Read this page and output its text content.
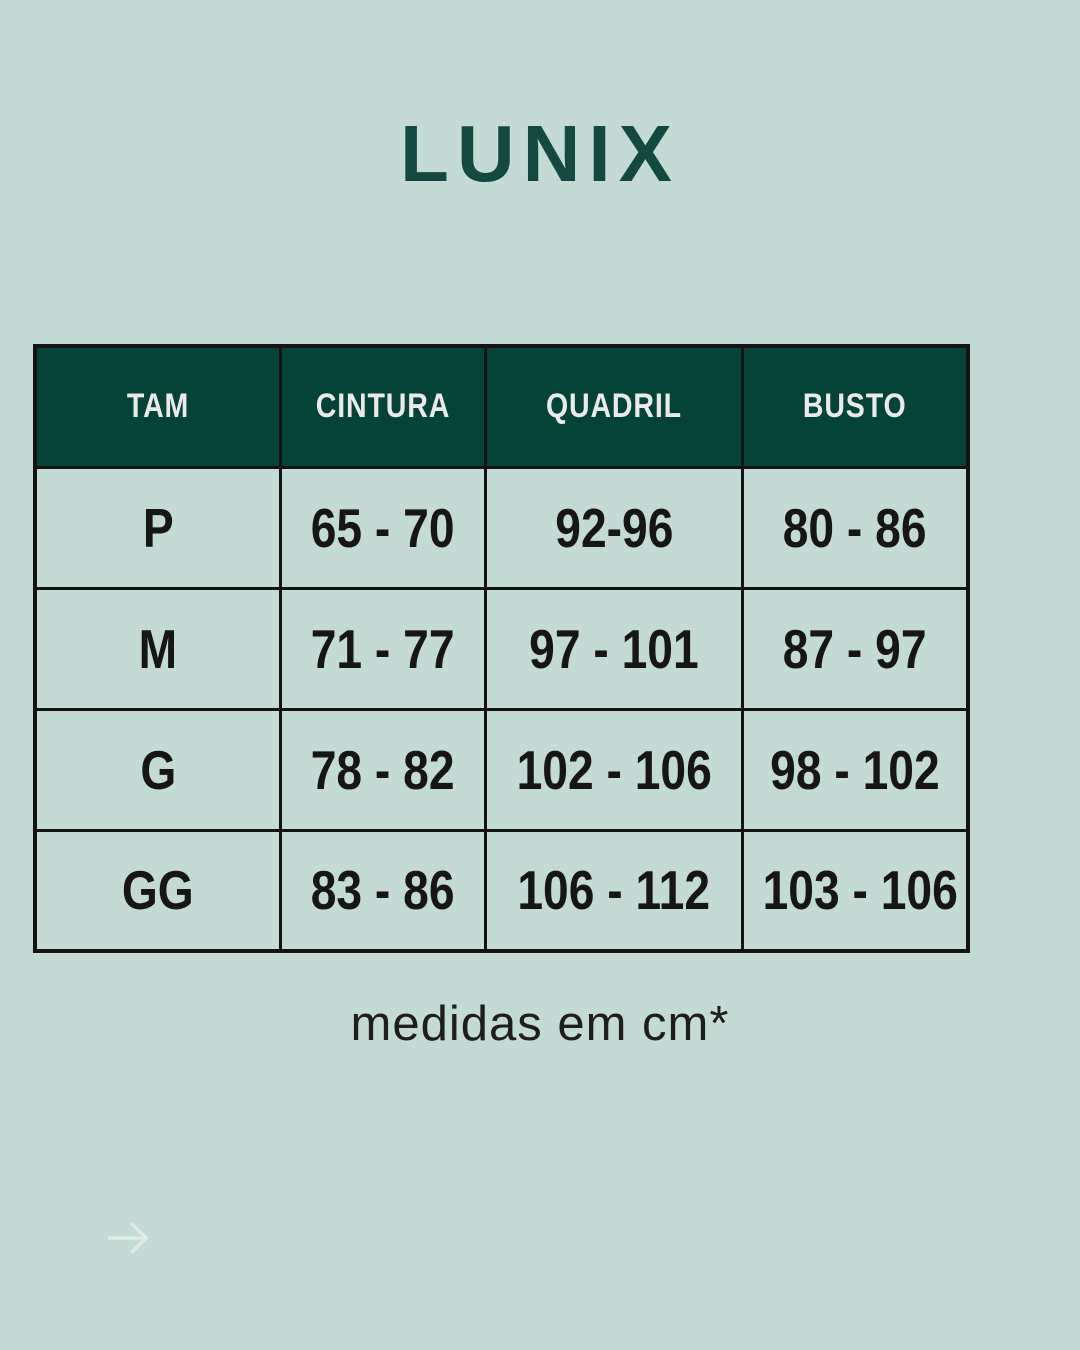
LUNIX
TAM	CINTURA	QUADRIL	BUSTO
P	65 - 70	92-96	80 - 86
M	71 - 77	97 - 101	87 - 97
G	78 - 82	102 - 106	98 - 102
GG	83 - 86	106 - 112	103 - 106

medidas em cm*
